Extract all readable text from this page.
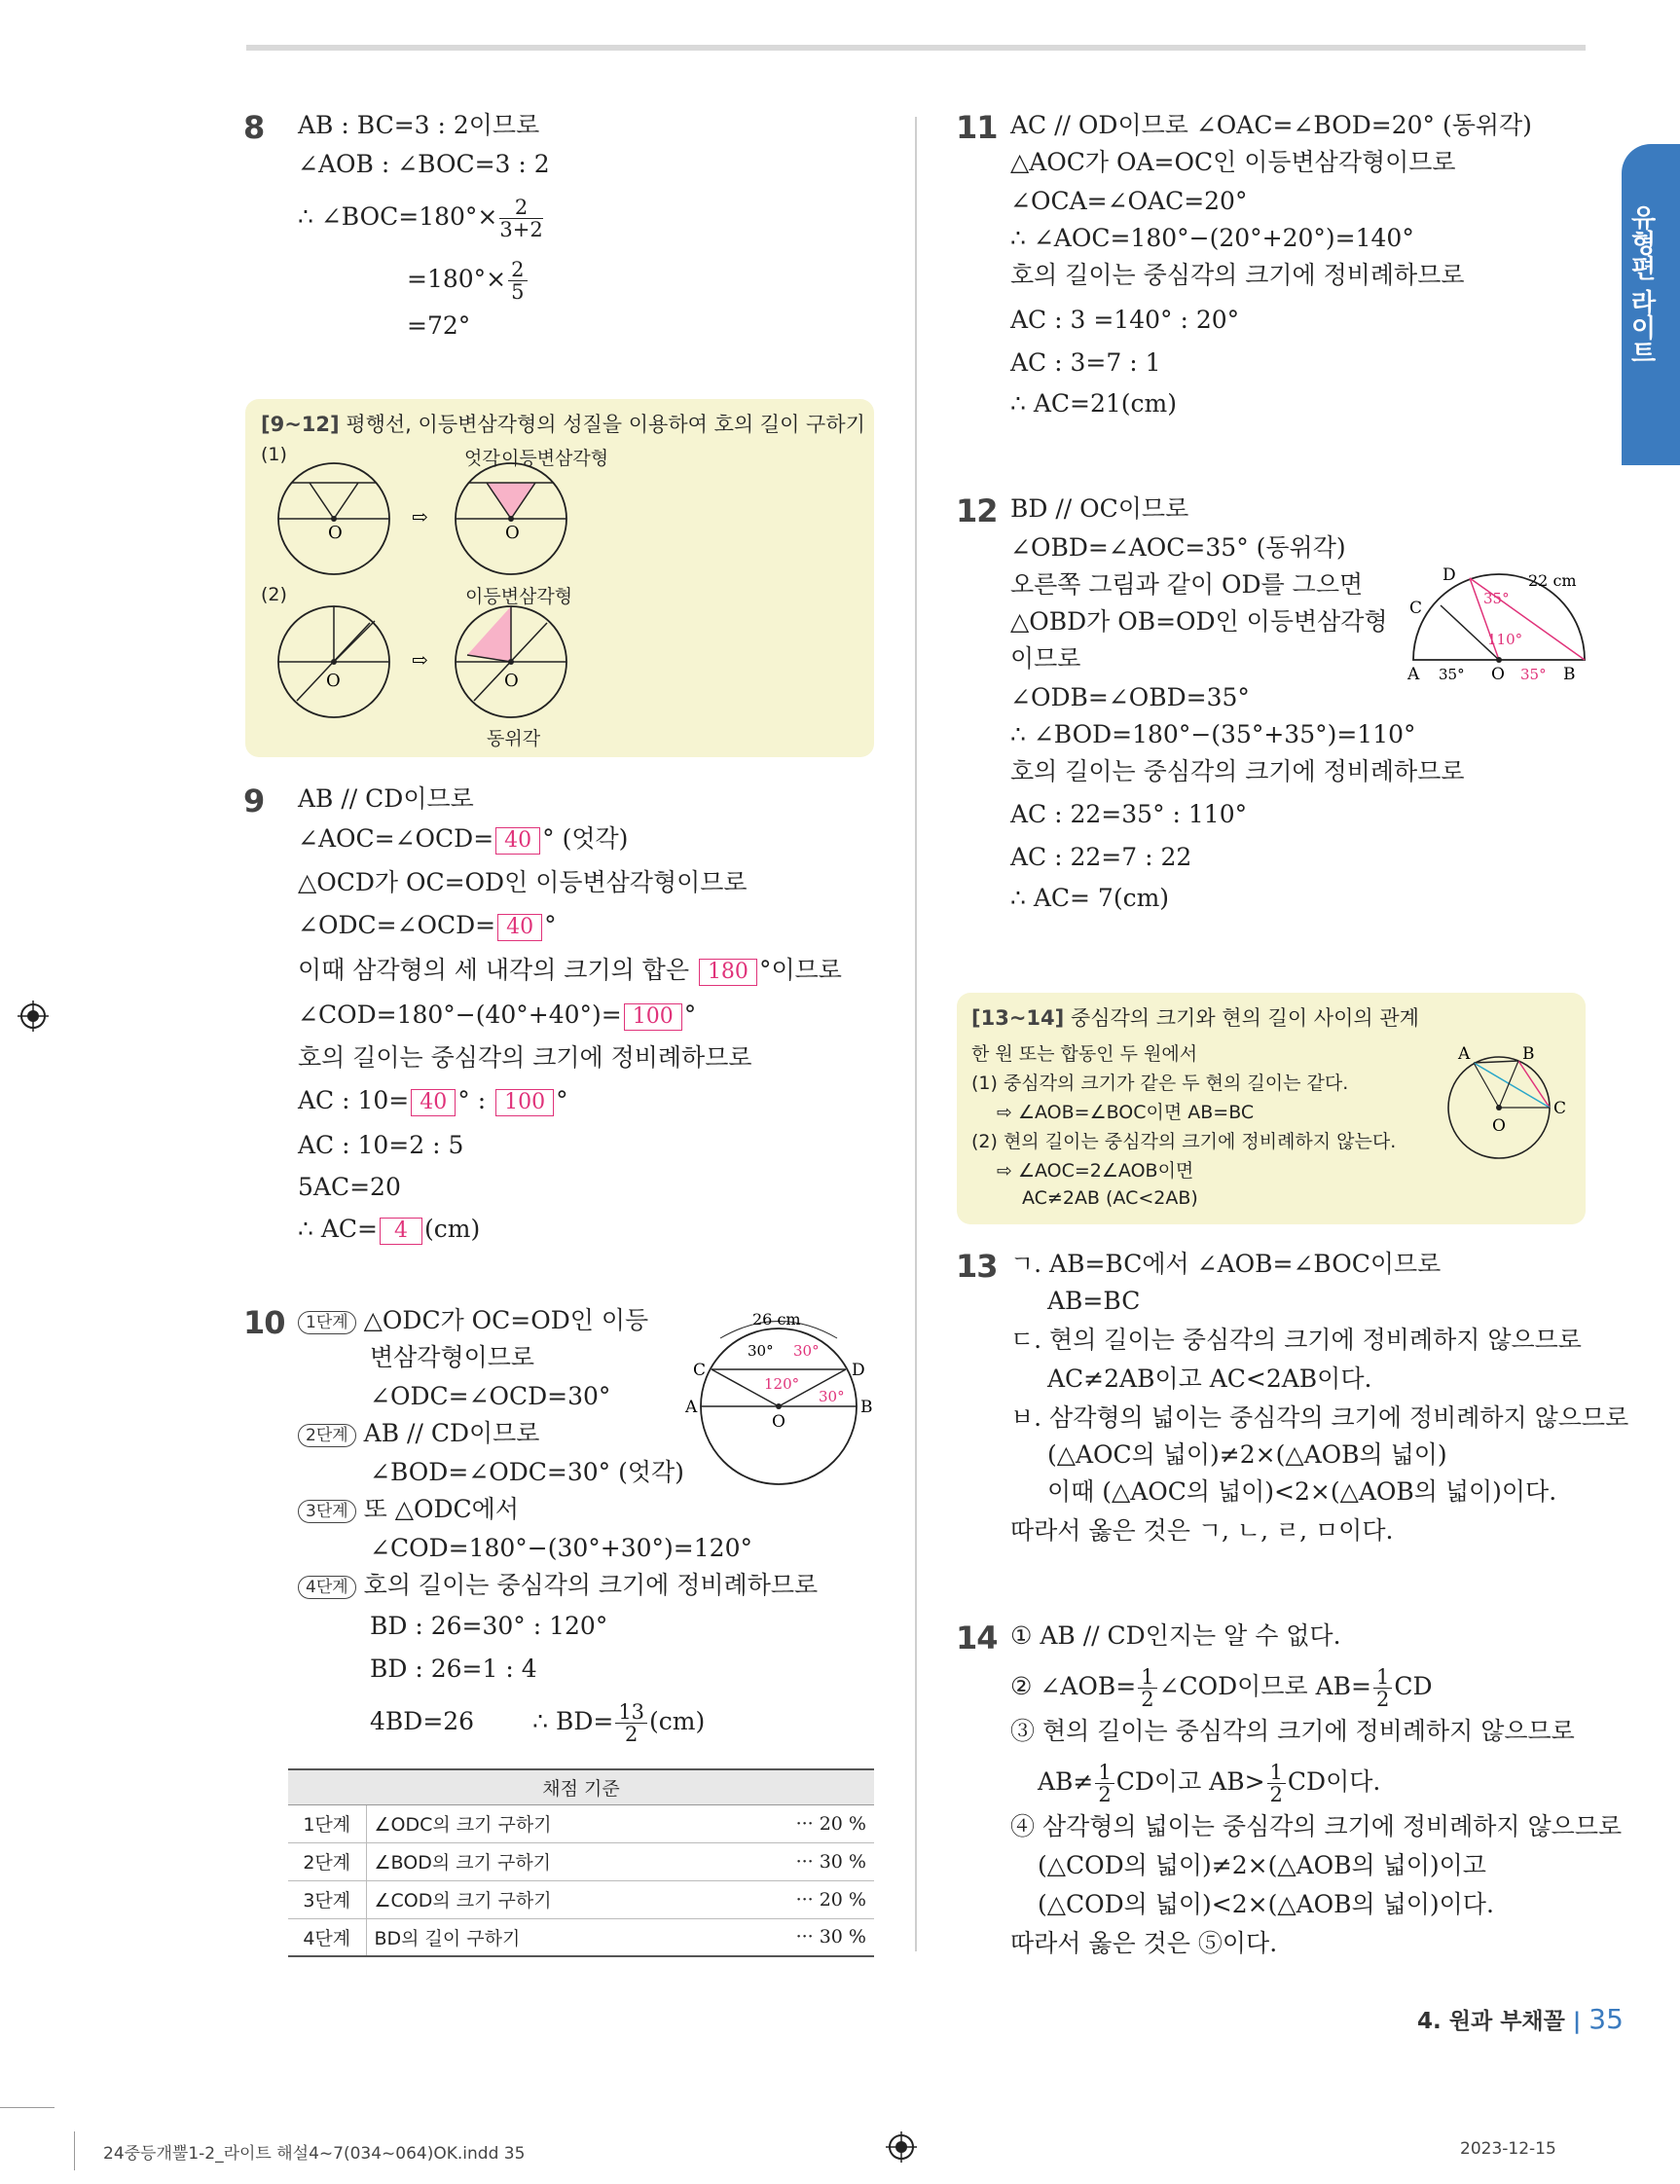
유형편 라이트
8 AB : BC=3 : 2이므로
∠AOB : ∠BOC=3 : 2
∴ ∠BOC=180°× $\frac{2}{3+2}$
$=180^\circ\times \frac{2}{5}$
=72°
[9~12] 평행선, 이등변삼각형의 성질을 이용하여 호의 길이 구하기
(1)
(2)
엇각 이등변삼각형
이등변삼각형
동위각
O
⇨
O
O
⇨
O
9 AB // CD이므로
∠AOC=∠OCD= 40 ° (엇각)
△OCD가 OC=OD인 이등변삼각형이므로
∠ODC=∠OCD= 40 °
이때 삼각형의 세 내각의 크기의 합은 180 °이므로
∠COD=180°−(40°+40°)= 100 °
호의 길이는 중심각의 크기에 정비례하므로
AC : 10= 40 ° : 100 °
AC : 10=2 : 5
5AC=20
∴ AC= 4 (cm)
10	1단계 △ODC가 OC=OD인 이등
변삼각형이므로
∠ODC=∠OCD=30°
2단계 AB // CD이므로
∠BOD=∠ODC=30° (엇각)
3단계 또 △ODC에서
∠COD=180°−(30°+30°)=120°
4단계 호의 길이는 중심각의 크기에 정비례하므로
BD : 26=30° : 120°
BD : 26=1 : 4
4BD=26 ∴ $BD= \frac{13}{2} (cm)$
26 cm
30° 30°
120°
30°
A	B
C	D
O
채점 기준		
1단계	∠ODC의 크기 구하기	··· 20 %
2단계	∠BOD의 크기 구하기	··· 30 %
3단계	∠COD의 크기 구하기	··· 20 %
4단계	BD의 길이 구하기	··· 30 %
11 AC // OD이므로 ∠OAC=∠BOD=20° (동위각)
△AOC가 OA=OC인 이등변삼각형이므로
∠OCA=∠OAC=20°
∴ ∠AOC=180°−(20°+20°)=140°
호의 길이는 중심각의 크기에 정비례하므로
AC : 3 =140° : 20°
AC : 3=7 : 1
∴ AC=21(cm)
12 BD // OC이므로
∠OBD=∠AOC=35° (동위각)
오른쪽 그림과 같이 OD를 그으면
△OBD가 OB=OD인 이등변삼각형
이므로
∠ODB=∠OBD=35°
∴ ∠BOD=180°−(35°+35°)=110°
호의 길이는 중심각의 크기에 정비례하므로
AC : 22=35° : 110°
AC : 22=7 : 22
∴ AC= 7(cm)
22 cm
35°
110°
35°	35°
A	O	B
C
D
[13~14] 중심각의 크기와 현의 길이 사이의 관계
한 원 또는 합동인 두 원에서
(1) 중심각의 크기가 같은 두 현의 길이는 같다.
⇨ ∠AOB=∠BOC이면 AB=BC
(2) 현의 길이는 중심각의 크기에 정비례하지 않는다.
⇨ ∠AOC=2∠AOB이면
AC≠2AB (AC<2AB)
A	B
C
O
13 ㄱ. AB=BC에서 ∠AOB=∠BOC이므로
AB=BC
ㄷ. 현의 길이는 중심각의 크기에 정비례하지 않으므로
AC≠2AB이고 AC<2AB이다.
ㅂ. 삼각형의 넓이는 중심각의 크기에 정비례하지 않으므로
(△AOC의 넓이)≠2×(△AOB의 넓이)
이때 (△AOC의 넓이)<2×(△AOB의 넓이)이다.
따라서 옳은 것은 ㄱ, ㄴ, ㄹ, ㅁ이다.
14 ① AB // CD인지는 알 수 없다.
② ∠AOB= $\frac{1}{2}$ ∠COD이므로 $AB= \frac{1}{2}$ CD
③ 현의 길이는 중심각의 크기에 정비례하지 않으므로
$AB\ne \frac{1}{2}$ CD이고 $AB> \frac{1}{2}$ CD이다.
④ 삼각형의 넓이는 중심각의 크기에 정비례하지 않으므로
(△COD의 넓이)≠2×(△AOB의 넓이)이고
(△COD의 넓이)<2×(△AOB의 넓이)이다.
따라서 옳은 것은 ⑤이다.
4. 원과 부채꼴 | 35
24중등개뿔1-2_라이트 해설4~7(034~064)OK.indd 35	2023-12-15
